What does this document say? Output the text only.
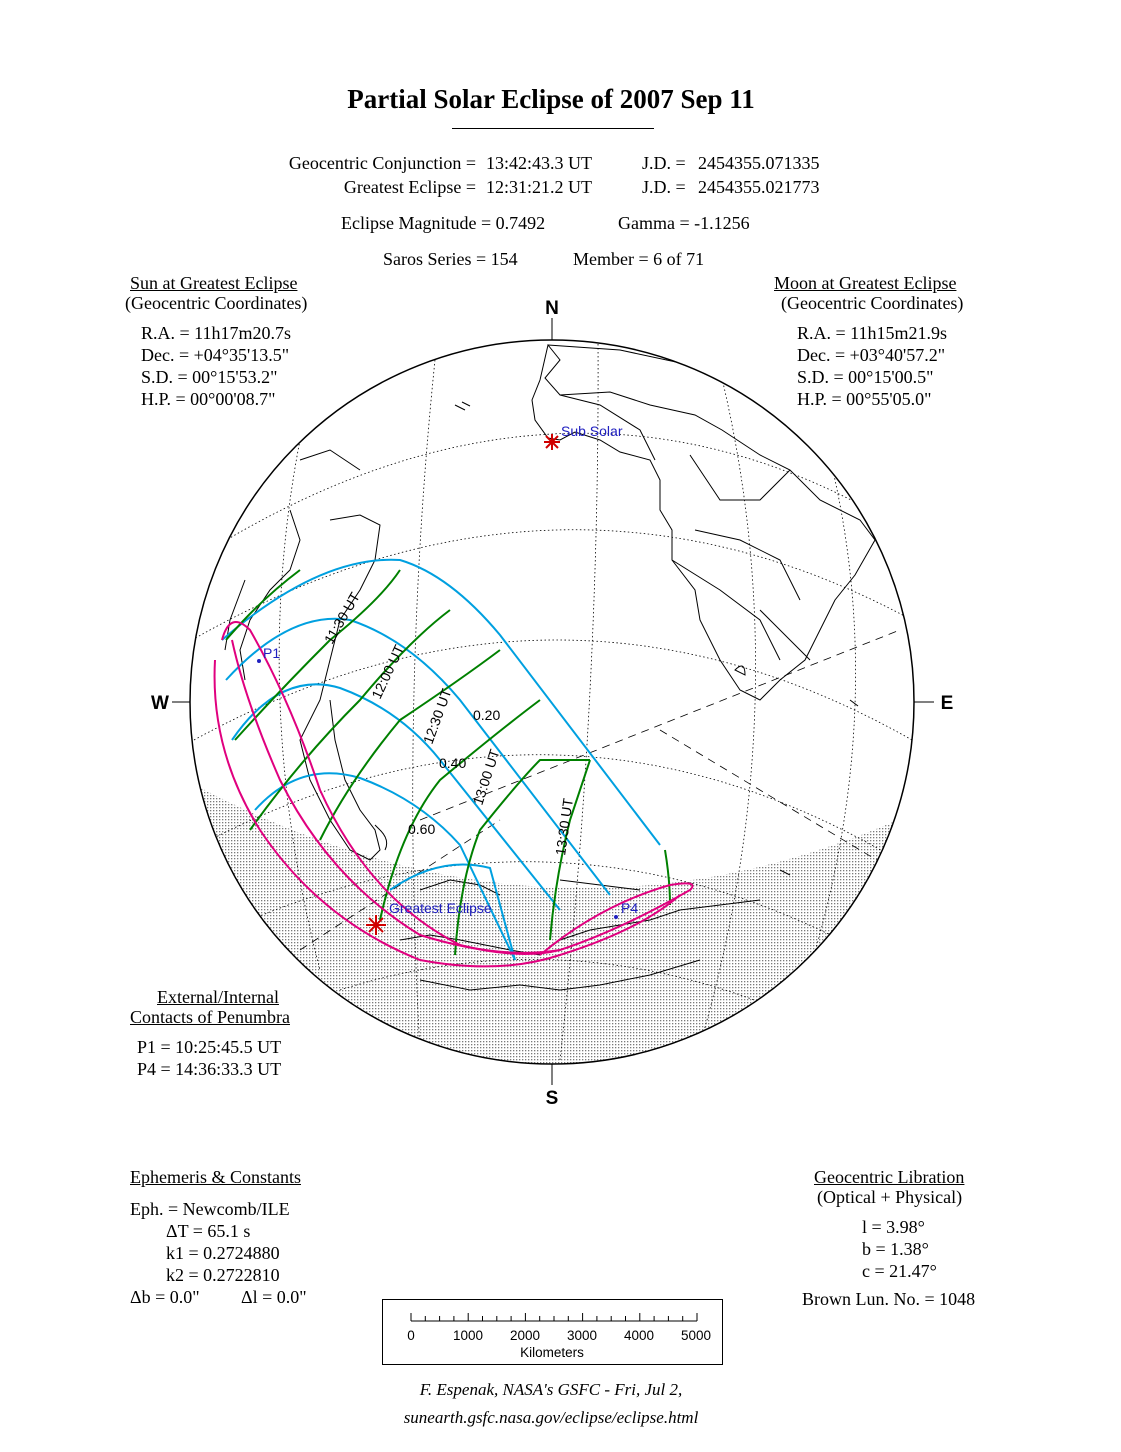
Partial Solar Eclipse of 2007 Sep 11
Geocentric Conjunction = 13:42:43.3 UT	J.D. = 2454355.071335
Greatest Eclipse = 12:31:21.2 UT	J.D. = 2454355.021773
Eclipse Magnitude = 0.7492	Gamma = -1.1256
Saros Series = 154	Member = 6 of 71
Sun at Greatest Eclipse
(Geocentric Coordinates)
R.A. = 11h17m20.7s
Dec. = +04°35'13.5"
S.D. = 00°15'53.2"
H.P. = 00°00'08.7"
Moon at Greatest Eclipse
(Geocentric Coordinates)
R.A. = 11h15m21.9s
Dec. = +03°40'57.2"
S.D. = 00°15'00.5"
H.P. = 00°55'05.0"
N
S
W	E
Sub Solar
Greatest Eclipse
P1
P4
11:30 UT
12:00 UT
12:30 UT
13:00 UT
13:30 UT
0.20
0.40
0.60
External/Internal
Contacts of Penumbra
P1 = 10:25:45.5 UT
P4 = 14:36:33.3 UT
Ephemeris & Constants
Eph. = Newcomb/ILE
ΔT = 65.1 s
k1 = 0.2724880
k2 = 0.2722810
Δb = 0.0" Δl = 0.0"
Geocentric Libration
(Optical + Physical)
l = 3.98°
b = 1.38°
c = 21.47°
Brown Lun. No. = 1048
0	1000 2000 3000 4000 5000
Kilometers
F. Espenak, NASA's GSFC - Fri, Jul 2,
sunearth.gsfc.nasa.gov/eclipse/eclipse.html
